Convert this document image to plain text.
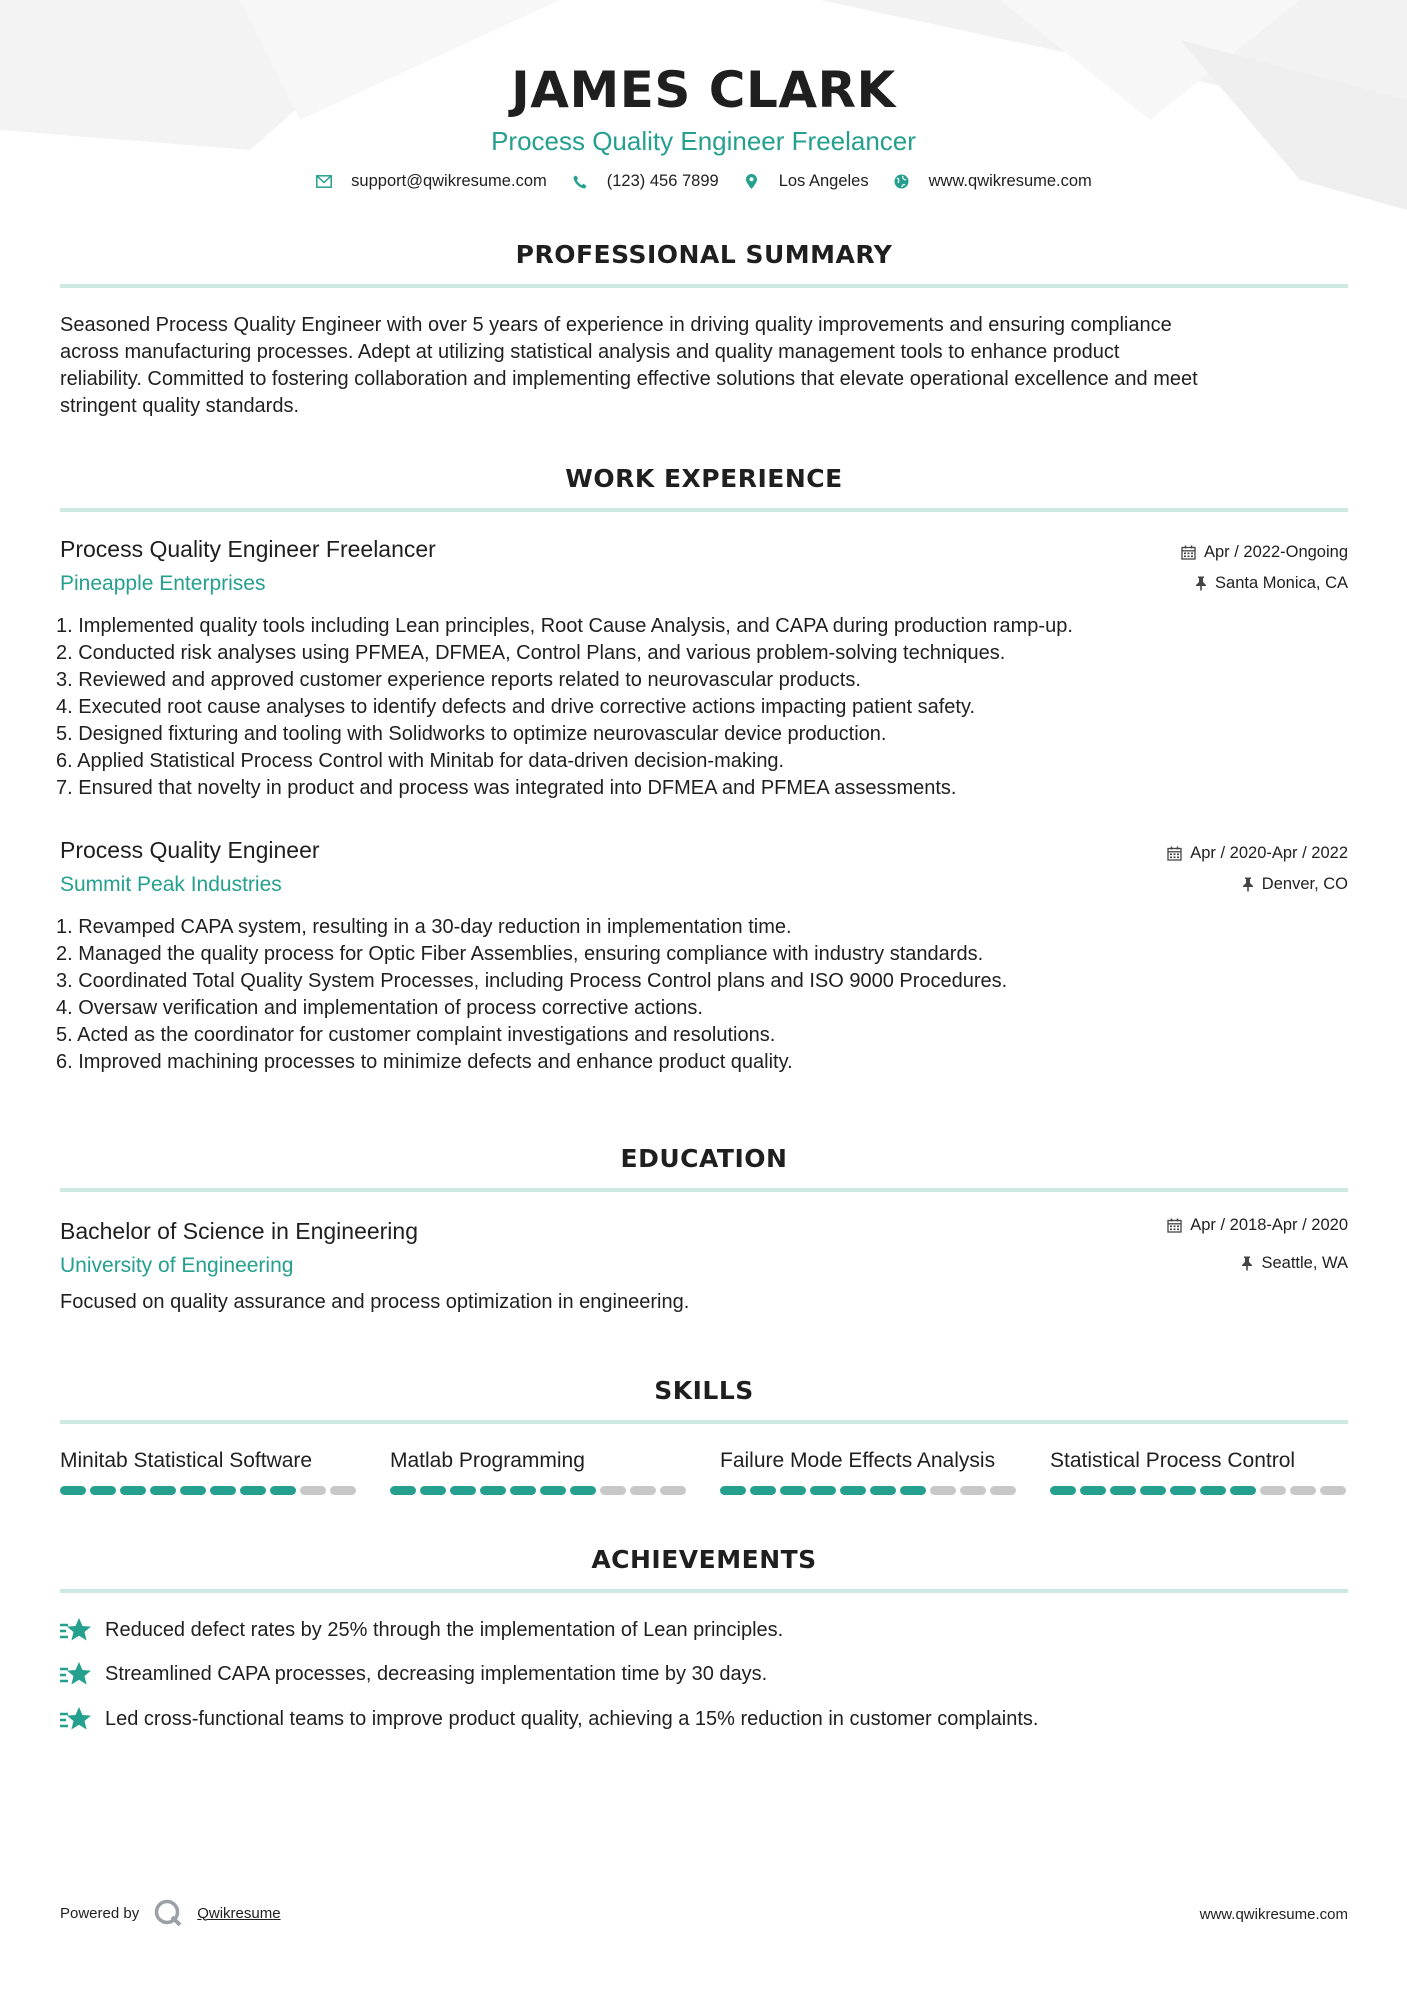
JAMES CLARK
Process Quality Engineer Freelancer
support@qwikresume.com	(123) 456 7899	Los Angeles	www.qwikresume.com
PROFESSIONAL SUMMARY
Seasoned Process Quality Engineer with over 5 years of experience in driving quality improvements and ensuring compliance
across manufacturing processes. Adept at utilizing statistical analysis and quality management tools to enhance product
reliability. Committed to fostering collaboration and implementing effective solutions that elevate operational excellence and meet
stringent quality standards.
WORK EXPERIENCE
Process Quality Engineer Freelancer
Pineapple Enterprises
Apr / 2022-Ongoing
Santa Monica, CA
1. Implemented quality tools including Lean principles, Root Cause Analysis, and CAPA during production ramp-up.
2. Conducted risk analyses using PFMEA, DFMEA, Control Plans, and various problem-solving techniques.
3. Reviewed and approved customer experience reports related to neurovascular products.
4. Executed root cause analyses to identify defects and drive corrective actions impacting patient safety.
5. Designed fixturing and tooling with Solidworks to optimize neurovascular device production.
6. Applied Statistical Process Control with Minitab for data-driven decision-making.
7. Ensured that novelty in product and process was integrated into DFMEA and PFMEA assessments.
Process Quality Engineer
Summit Peak Industries
Apr / 2020-Apr / 2022
Denver, CO
1. Revamped CAPA system, resulting in a 30-day reduction in implementation time.
2. Managed the quality process for Optic Fiber Assemblies, ensuring compliance with industry standards.
3. Coordinated Total Quality System Processes, including Process Control plans and ISO 9000 Procedures.
4. Oversaw verification and implementation of process corrective actions.
5. Acted as the coordinator for customer complaint investigations and resolutions.
6. Improved machining processes to minimize defects and enhance product quality.
EDUCATION
Bachelor of Science in Engineering
University of Engineering
Apr / 2018-Apr / 2020
Seattle, WA
Focused on quality assurance and process optimization in engineering.
SKILLS
Minitab Statistical Software	Matlab Programming	Failure Mode Effects Analysis	Statistical Process Control
ACHIEVEMENTS
Reduced defect rates by 25% through the implementation of Lean principles.
Streamlined CAPA processes, decreasing implementation time by 30 days.
Led cross-functional teams to improve product quality, achieving a 15% reduction in customer complaints.
Powered by	Qwikresume	www.qwikresume.com
